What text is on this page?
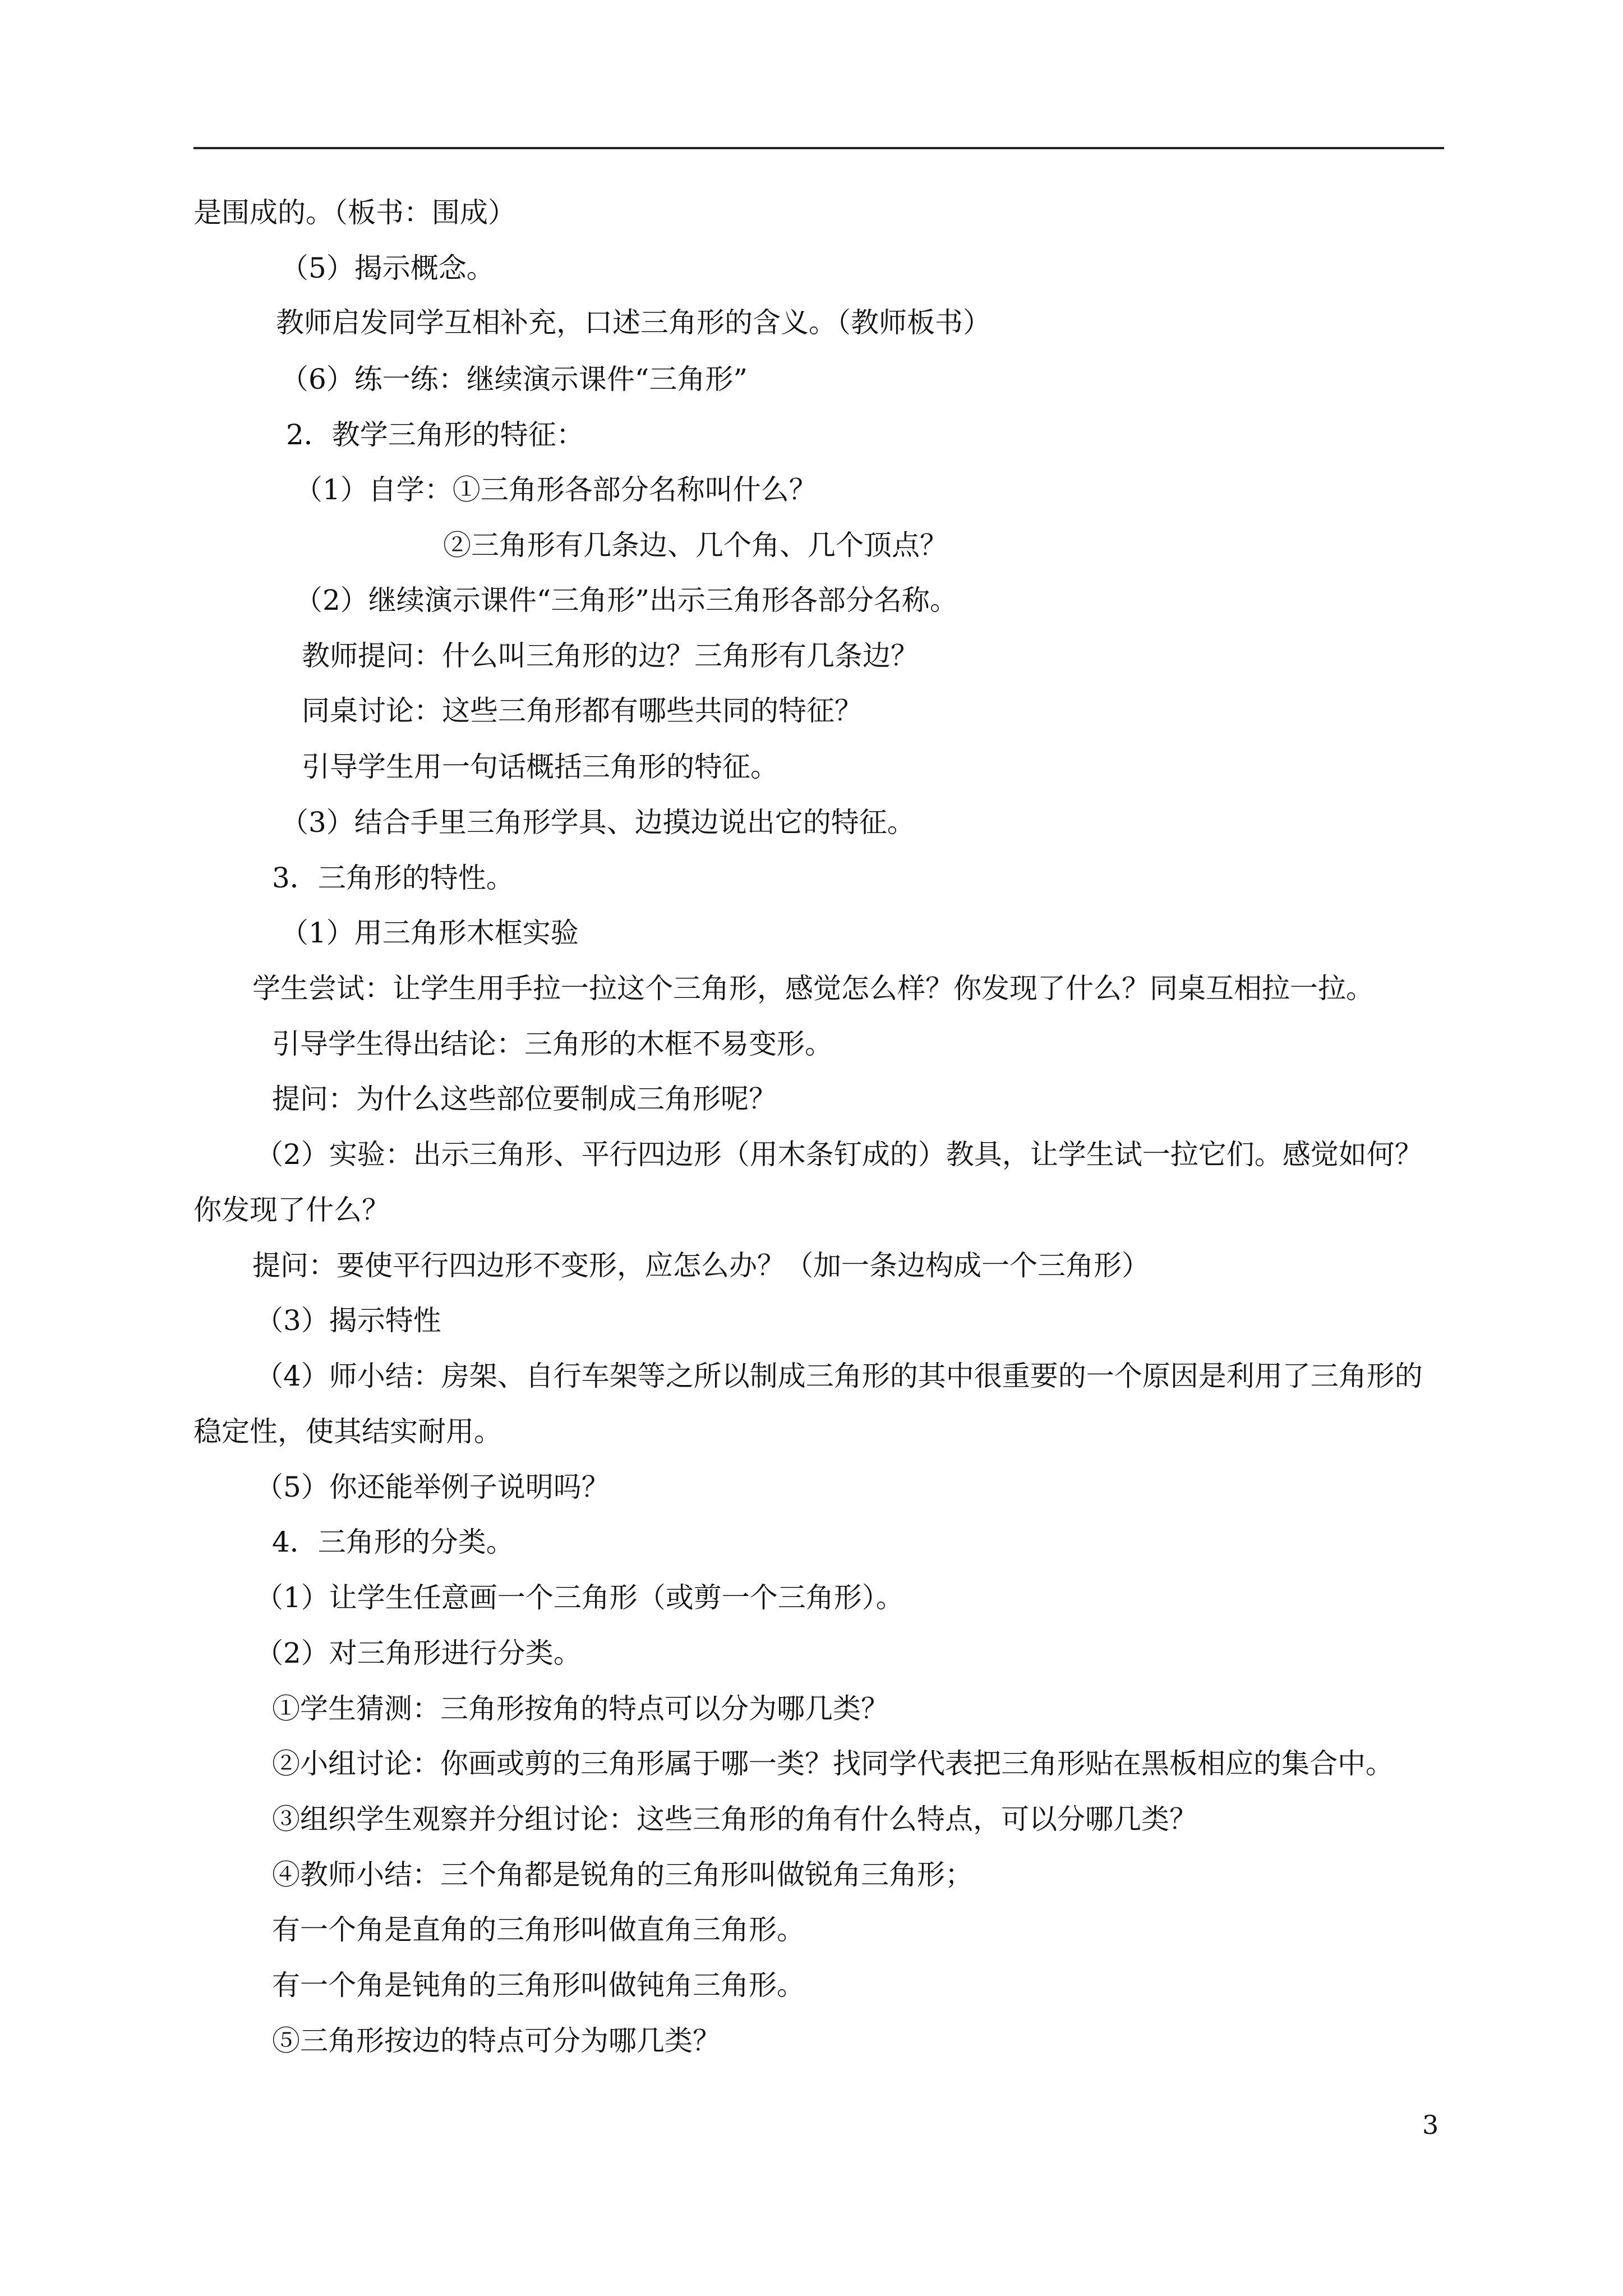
是围成的。（板书：围成）
（5）揭示概念。
教师启发同学互相补充，口述三角形的含义。（教师板书）
（6）练一练：继续演示课件“三角形”
2．教学三角形的特征：
（1）自学：①三角形各部分名称叫什么？
②三角形有几条边、几个角、几个顶点？
（2）继续演示课件“三角形”出示三角形各部分名称。
教师提问：什么叫三角形的边？三角形有几条边？
同桌讨论：这些三角形都有哪些共同的特征？
引导学生用一句话概括三角形的特征。
（3）结合手里三角形学具、边摸边说出它的特征。
3．三角形的特性。
（1）用三角形木框实验
学生尝试：让学生用手拉一拉这个三角形，感觉怎么样？你发现了什么？同桌互相拉一拉。
引导学生得出结论：三角形的木框不易变形。
提问：为什么这些部位要制成三角形呢？
（2）实验：出示三角形、平行四边形（用木条钉成的）教具，让学生试一拉它们。感觉如何？
你发现了什么？
提问：要使平行四边形不变形，应怎么办？（加一条边构成一个三角形）
（3）揭示特性
（4）师小结：房架、自行车架等之所以制成三角形的其中很重要的一个原因是利用了三角形的
稳定性，使其结实耐用。
（5）你还能举例子说明吗？
4．三角形的分类。
（1）让学生任意画一个三角形（或剪一个三角形）。
（2）对三角形进行分类。
①学生猜测：三角形按角的特点可以分为哪几类？
②小组讨论：你画或剪的三角形属于哪一类？找同学代表把三角形贴在黑板相应的集合中。
③组织学生观察并分组讨论：这些三角形的角有什么特点，可以分哪几类？
④教师小结：三个角都是锐角的三角形叫做锐角三角形；
有一个角是直角的三角形叫做直角三角形。
有一个角是钝角的三角形叫做钝角三角形。
⑤三角形按边的特点可分为哪几类？
3
